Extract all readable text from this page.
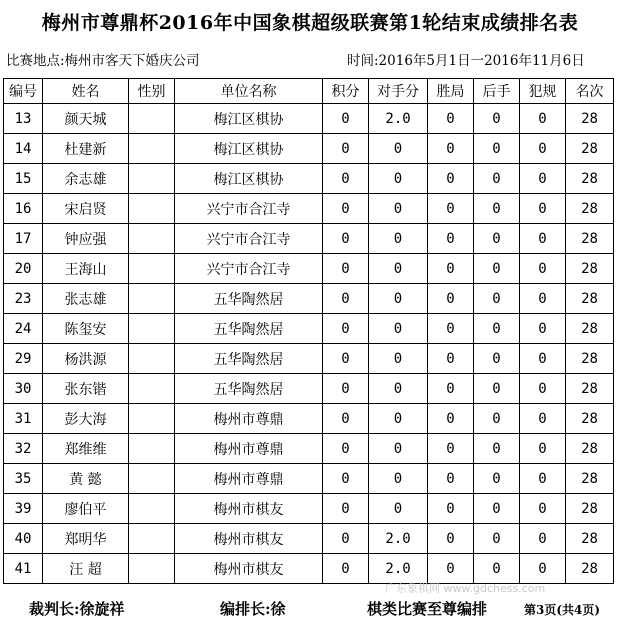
梅州市尊鼎杯2016年中国象棋超级联赛第1轮结束成绩排名表
比赛地点:梅州市客天下婚庆公司	时间:2016年5月1日一2016年11月6日
编号	姓名	性别	单位名称	积分	对手分	胜局	后手	犯规	名次
13	颜天城		梅江区棋协	0	2.0	0	0	0	28
14	杜建新		梅江区棋协	0	0	0	0	0	28
15	余志雄		梅江区棋协	0	0	0	0	0	28
16	宋启贤		兴宁市合江寺	0	0	0	0	0	28
17	钟应强		兴宁市合江寺	0	0	0	0	0	28
20	王海山		兴宁市合江寺	0	0	0	0	0	28
23	张志雄		五华陶然居	0	0	0	0	0	28
24	陈玺安		五华陶然居	0	0	0	0	0	28
29	杨洪源		五华陶然居	0	0	0	0	0	28
30	张东锴		五华陶然居	0	0	0	0	0	28
31	彭大海		梅州市尊鼎	0	0	0	0	0	28
32	郑维维		梅州市尊鼎	0	0	0	0	0	28
35	黄 懿		梅州市尊鼎	0	0	0	0	0	28
39	廖伯平		梅州市棋友	0	0	0	0	0	28
40	郑明华		梅州市棋友	0	2.0	0	0	0	28
41	汪 超		梅州市棋友	0	2.0	0	0	0	28
广东象棋网 www.gdchess.com
裁判长:徐旋祥	编排长:徐	棋类比赛至尊编排	第3页(共4页)
